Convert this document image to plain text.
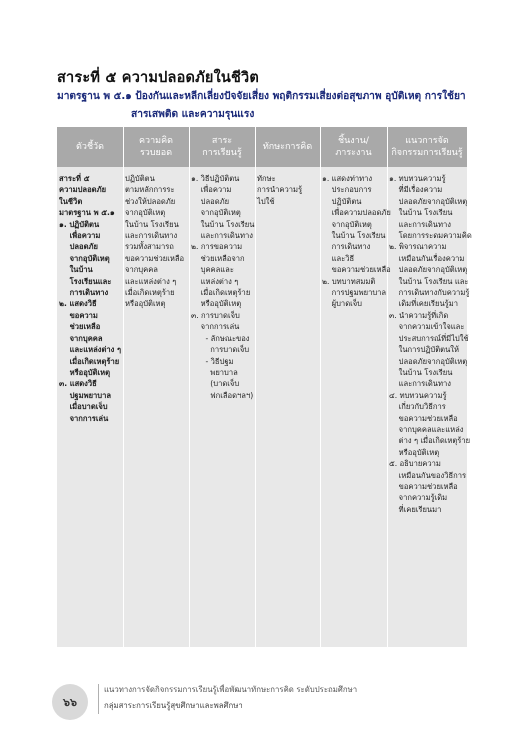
สาระที่ ๕ ความปลอดภัยในชีวิต
มาตรฐาน พ ๕.๑ ป้องกันและหลีกเลี่ยงปัจจัยเสี่ยง พฤติกรรมเสี่ยงต่อสุขภาพ อุบัติเหตุ การใช้ยา
สารเสพติด และความรุนแรง
ตัวชี้วัด
ความคิด
รวบยอด
สาระ
การเรียนรู้
ทักษะการคิด
ชิ้นงาน/
ภาระงาน
แนวการจัด
กิจกรรมการเรียนรู้
สาระที่ ๕
ความปลอดภัย
ในชีวิต
มาตรฐาน พ ๕.๑
๑. ปฏิบัติตน
เพื่อความ
ปลอดภัย
จากอุบัติเหตุ
ในบ้าน
โรงเรียนและ
การเดินทาง
๒. แสดงวิธี
ขอความ
ช่วยเหลือ
จากบุคคล
และแหล่งต่าง ๆ
เมื่อเกิดเหตุร้าย
หรืออุบัติเหตุ
๓. แสดงวิธี
ปฐมพยาบาล
เมื่อบาดเจ็บ
จากการเล่น
ปฏิบัติตน
ตามหลักการระ
ช่วงให้ปลอดภัย
จากอุบัติเหตุ
ในบ้าน โรงเรียน
และการเดินทาง
รวมทั้งสามารถ
ขอความช่วยเหลือ
จากบุคคล
และแหล่งต่าง ๆ
เมื่อเกิดเหตุร้าย
หรืออุบัติเหตุ
๑. วิธีปฏิบัติตน
เพื่อความ
ปลอดภัย
จากอุบัติเหตุ
ในบ้าน โรงเรียน
และการเดินทาง
๒. การขอความ
ช่วยเหลือจาก
บุคคลและ
แหล่งต่าง ๆ
เมื่อเกิดเหตุร้าย
หรืออุบัติเหตุ
๓. การบาดเจ็บ
จากการเล่น
- ลักษณะของ
การบาดเจ็บ
- วิธีปฐม
พยาบาล
(บาดเจ็บ
ฟกเลือดฯลฯ)
ทักษะ
การนำความรู้
ไปใช้
๑. แสดงท่าทาง
ประกอบการ
ปฏิบัติตน
เพื่อความปลอดภัย
จากอุบัติเหตุ
ในบ้าน โรงเรียน
การเดินทาง
และวิธี
ขอความช่วยเหลือ
๒. บทบาทสมมติ
การปฐมพยาบาล
ผู้บาดเจ็บ
๑. ทบทวนความรู้
ที่มีเรื่องความ
ปลอดภัยจากอุบัติเหตุ
ในบ้าน โรงเรียน
และการเดินทาง
โดยการระดมความคิด
๒. พิจารณาความ
เหมือนกันเรื่องความ
ปลอดภัยจากอุบัติเหตุ
ในบ้าน โรงเรียน และ
การเดินทางกับความรู้
เดิมที่เคยเรียนรู้มา
๓. นำความรู้ที่เกิด
จากความเข้าใจและ
ประสบการณ์ที่มีไปใช้
ในการปฏิบัติตนให้
ปลอดภัยจากอุบัติเหตุ
ในบ้าน โรงเรียน
และการเดินทาง
๔. ทบทวนความรู้
เกี่ยวกับวิธีการ
ขอความช่วยเหลือ
จากบุคคลและแหล่ง
ต่าง ๆ เมื่อเกิดเหตุร้าย
หรืออุบัติเหตุ
๕. อธิบายความ
เหมือนกันของวิธีการ
ขอความช่วยเหลือ
จากความรู้เดิม
ที่เคยเรียนมา
๖๖
แนวทางการจัดกิจกรรมการเรียนรู้เพื่อพัฒนาทักษะการคิด ระดับประถมศึกษา
กลุ่มสาระการเรียนรู้สุขศึกษาและพลศึกษา
